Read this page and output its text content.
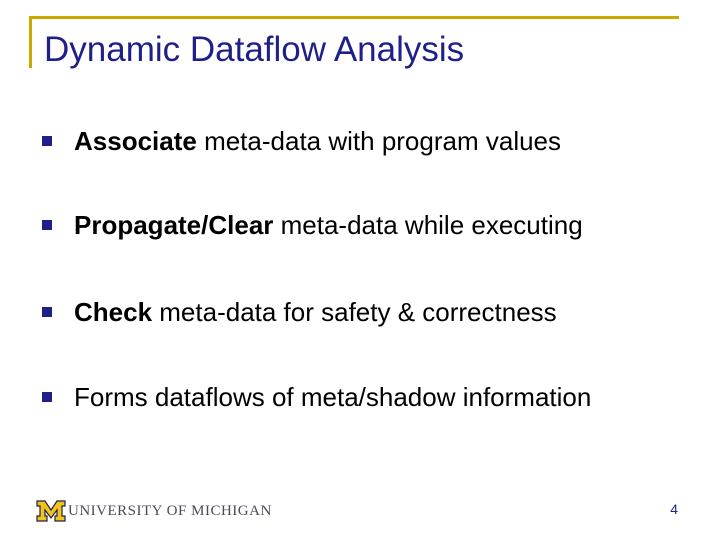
Dynamic Dataflow Analysis
Associate meta-data with program values
Propagate/Clear meta-data while executing
Check meta-data for safety & correctness
Forms dataflows of meta/shadow information
UNIVERSITY OF MICHIGAN	4
